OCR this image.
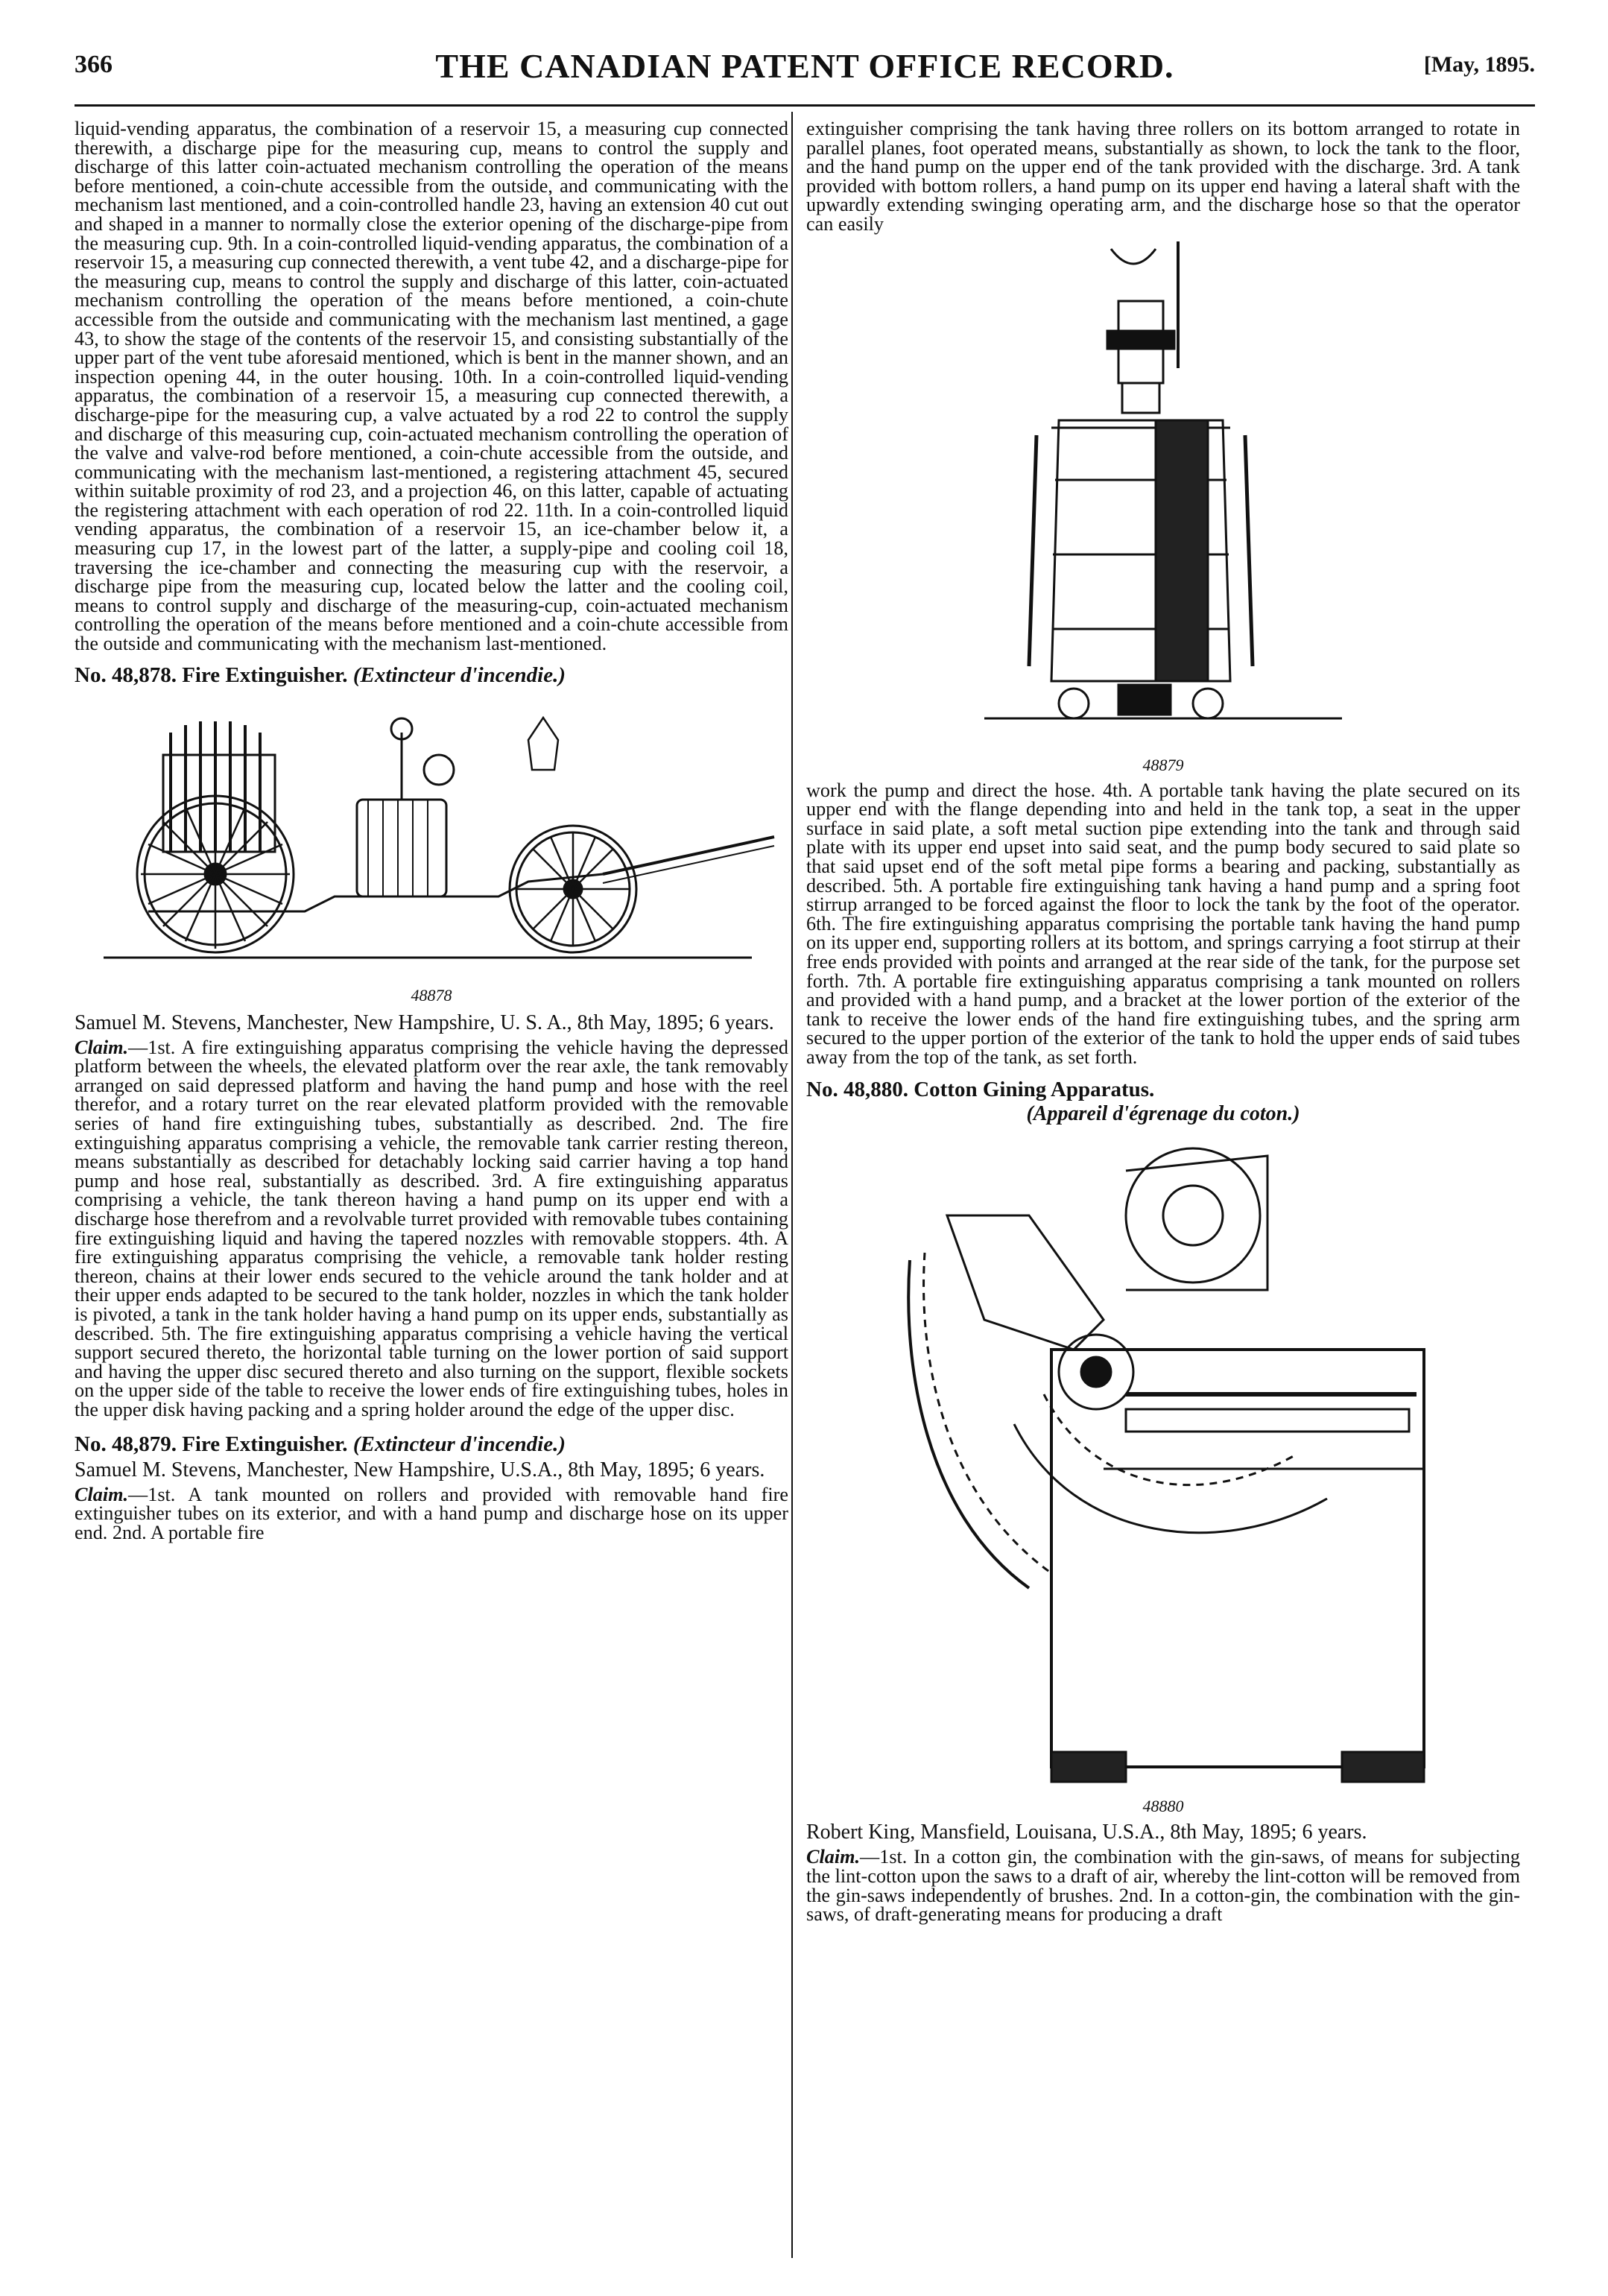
366	THE CANADIAN PATENT OFFICE RECORD.	[May, 1895.

liquid-vending apparatus, the combination of a reservoir 15, a measuring cup connected therewith, a discharge pipe for the measuring cup, means to control the supply and discharge of this latter coin-actuated mechanism controlling the operation of the means before mentioned, a coin-chute accessible from the outside, and communicating with the mechanism last mentioned, and a coin-controlled handle 23, having an extension 40 cut out and shaped in a manner to normally close the exterior opening of the discharge-pipe from the measuring cup. 9th. In a coin-controlled liquid-vending apparatus, the combination of a reservoir 15, a measuring cup connected therewith, a vent tube 42, and a discharge-pipe for the measuring cup, means to control the supply and discharge of this latter, coin-actuated mechanism controlling the operation of the means before mentioned, a coin-chute accessible from the outside and communicating with the mechanism last mentined, a gage 43, to show the stage of the contents of the reservoir 15, and consisting substantially of the upper part of the vent tube aforesaid mentioned, which is bent in the manner shown, and an inspection opening 44, in the outer housing. 10th. In a coin-controlled liquid-vending apparatus, the combination of a reservoir 15, a measuring cup connected therewith, a discharge-pipe for the measuring cup, a valve actuated by a rod 22 to control the supply and discharge of this measuring cup, coin-actuated mechanism controlling the operation of the valve and valve-rod before mentioned, a coin-chute accessible from the outside, and communicating with the mechanism last-mentioned, a registering attachment 45, secured within suitable proximity of rod 23, and a projection 46, on this latter, capable of actuating the registering attachment with each operation of rod 22. 11th. In a coin-controlled liquid vending apparatus, the combination of a reservoir 15, an ice-chamber below it, a measuring cup 17, in the lowest part of the latter, a supply-pipe and cooling coil 18, traversing the ice-chamber and connecting the measuring cup with the reservoir, a discharge pipe from the measuring cup, located below the latter and the cooling coil, means to control supply and discharge of the measuring-cup, coin-actuated mechanism controlling the operation of the means before mentioned and a coin-chute accessible from the outside and communicating with the mechanism last-mentioned.

No. 48,878. Fire Extinguisher. (Extincteur d'incendie.)

48878

Samuel M. Stevens, Manchester, New Hampshire, U. S. A., 8th May, 1895; 6 years.

Claim.—1st. A fire extinguishing apparatus comprising the vehicle having the depressed platform between the wheels, the elevated platform over the rear axle, the tank removably arranged on said depressed platform and having the hand pump and hose with the reel therefor, and a rotary turret on the rear elevated platform provided with the removable series of hand fire extinguishing tubes, substantially as described. 2nd. The fire extinguishing apparatus comprising a vehicle, the removable tank carrier resting thereon, means substantially as described for detachably locking said carrier having a top hand pump and hose real, substantially as described. 3rd. A fire extinguishing apparatus comprising a vehicle, the tank thereon having a hand pump on its upper end with a discharge hose therefrom and a revolvable turret provided with removable tubes containing fire extinguishing liquid and having the tapered nozzles with removable stoppers. 4th. A fire extinguishing apparatus comprising the vehicle, a removable tank holder resting thereon, chains at their lower ends secured to the vehicle around the tank holder and at their upper ends adapted to be secured to the tank holder, nozzles in which the tank holder is pivoted, a tank in the tank holder having a hand pump on its upper ends, substantially as described. 5th. The fire extinguishing apparatus comprising a vehicle having the vertical support secured thereto, the horizontal table turning on the lower portion of said support and having the upper disc secured thereto and also turning on the support, flexible sockets on the upper side of the table to receive the lower ends of fire extinguishing tubes, holes in the upper disk having packing and a spring holder around the edge of the upper disc.

No. 48,879. Fire Extinguisher. (Extincteur d'incendie.)

Samuel M. Stevens, Manchester, New Hampshire, U.S.A., 8th May, 1895; 6 years.

Claim.—1st. A tank mounted on rollers and provided with removable hand fire extinguisher tubes on its exterior, and with a hand pump and discharge hose on its upper end. 2nd. A portable fire

extinguisher comprising the tank having three rollers on its bottom arranged to rotate in parallel planes, foot operated means, substantially as shown, to lock the tank to the floor, and the hand pump on the upper end of the tank provided with the discharge. 3rd. A tank provided with bottom rollers, a hand pump on its upper end having a lateral shaft with the upwardly extending swinging operating arm, and the discharge hose so that the operator can easily

48879

work the pump and direct the hose. 4th. A portable tank having the plate secured on its upper end with the flange depending into and held in the tank top, a seat in the upper surface in said plate, a soft metal suction pipe extending into the tank and through said plate with its upper end upset into said seat, and the pump body secured to said plate so that said upset end of the soft metal pipe forms a bearing and packing, substantially as described. 5th. A portable fire extinguishing tank having a hand pump and a spring foot stirrup arranged to be forced against the floor to lock the tank by the foot of the operator. 6th. The fire extinguishing apparatus comprising the portable tank having the hand pump on its upper end, supporting rollers at its bottom, and springs carrying a foot stirrup at their free ends provided with points and arranged at the rear side of the tank, for the purpose set forth. 7th. A portable fire extinguishing apparatus comprising a tank mounted on rollers and provided with a hand pump, and a bracket at the lower portion of the exterior of the tank to receive the lower ends of the hand fire extinguishing tubes, and the spring arm secured to the upper portion of the exterior of the tank to hold the upper ends of said tubes away from the top of the tank, as set forth.

No. 48,880. Cotton Gining Apparatus.

(Appareil d'égrenage du coton.)

48880

Robert King, Mansfield, Louisana, U.S.A., 8th May, 1895; 6 years.

Claim.—1st. In a cotton gin, the combination with the gin-saws, of means for subjecting the lint-cotton upon the saws to a draft of air, whereby the lint-cotton will be removed from the gin-saws independently of brushes. 2nd. In a cotton-gin, the combination with the gin-saws, of draft-generating means for producing a draft
